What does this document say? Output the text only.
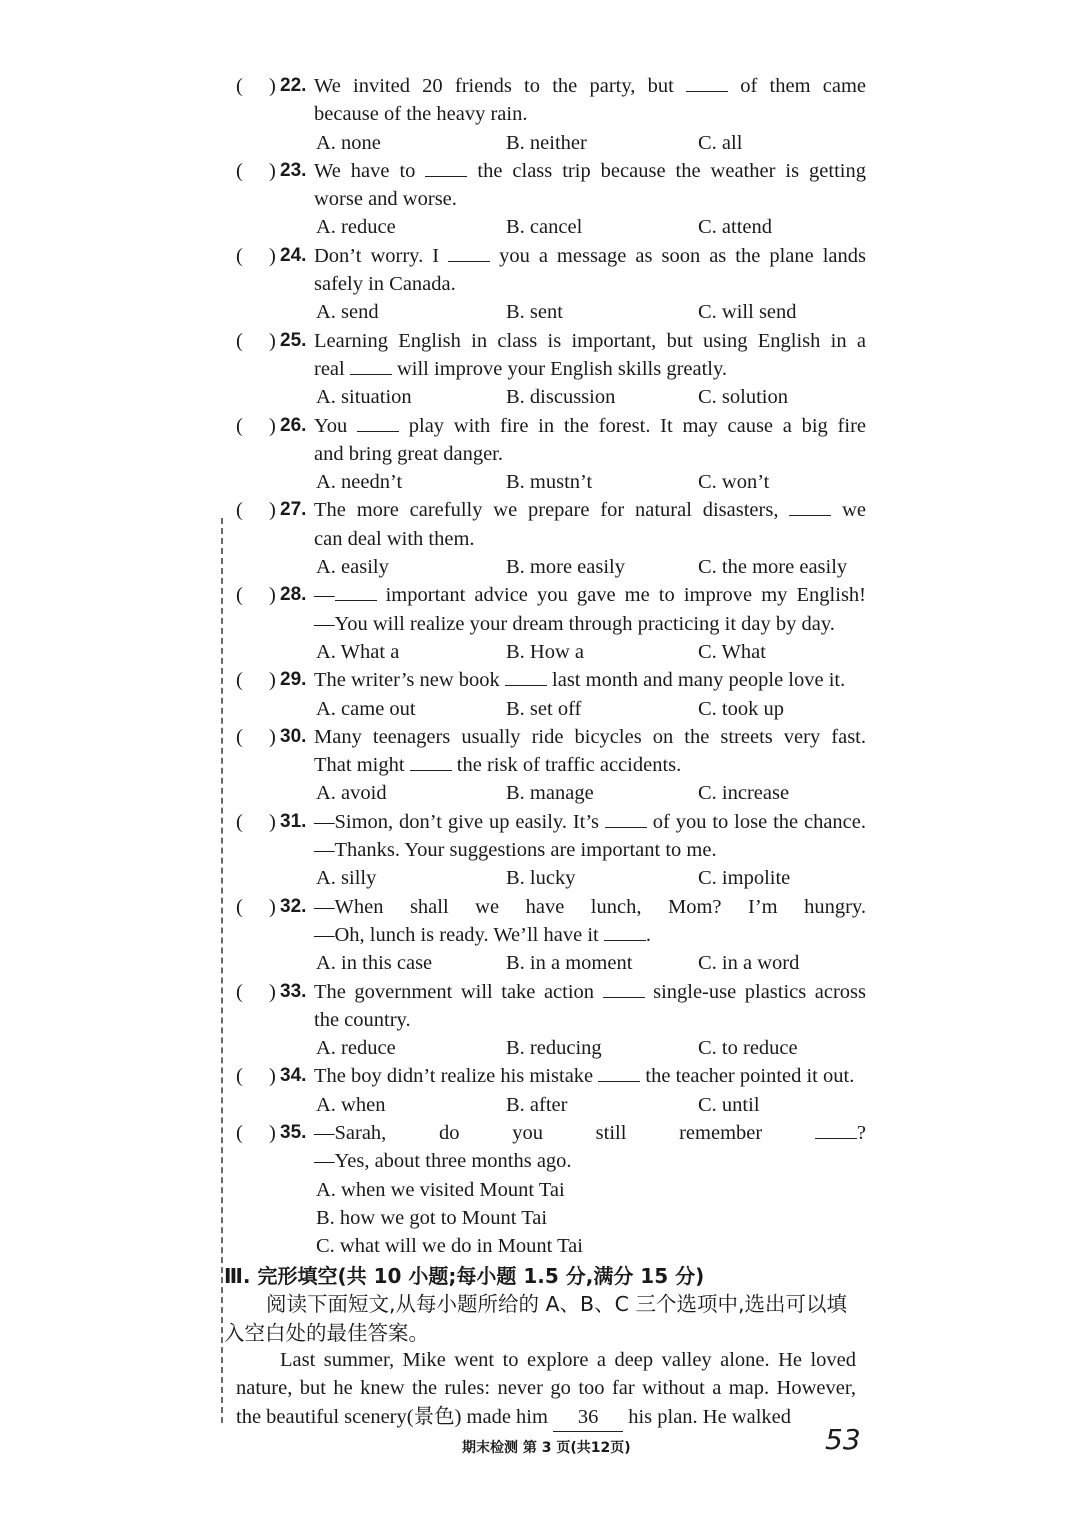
( ) 22. We invited 20 friends to the party, but  of them came
because of the heavy rain.
A. none	B. neither	C. all
( ) 23. We have to  the class trip because the weather is getting
worse and worse.
A. reduce	B. cancel	C. attend
( ) 24. Don’t worry. I  you a message as soon as the plane lands
safely in Canada.
A. send	B. sent	C. will send
( ) 25. Learning English in class is important, but using English in a
real  will improve your English skills greatly.
A. situation	B. discussion	C. solution
( ) 26. You  play with fire in the forest. It may cause a big fire
and bring great danger.
A. needn’t	B. mustn’t	C. won’t
( ) 27. The more carefully we prepare for natural disasters,  we
can deal with them.
A. easily	B. more easily	C. the more easily
( ) 28. — important advice you gave me to improve my English!
—You will realize your dream through practicing it day by day.
A. What a	B. How a	C. What
( ) 29. The writer’s new book  last month and many people love it.
A. came out	B. set off	C. took up
( ) 30. Many teenagers usually ride bicycles on the streets very fast.
That might  the risk of traffic accidents.
A. avoid	B. manage	C. increase
( ) 31. —Simon, don’t give up easily. It’s  of you to lose the chance.
—Thanks. Your suggestions are important to me.
A. silly	B. lucky	C. impolite
( ) 32. —When shall we have lunch, Mom? I’m hungry.
—Oh, lunch is ready. We’ll have it .
A. in this case	B. in a moment	C. in a word
( ) 33. The government will take action  single-use plastics across
the country.
A. reduce	B. reducing	C. to reduce
( ) 34. The boy didn’t realize his mistake  the teacher pointed it out.
A. when	B. after	C. until
( ) 35. —Sarah, do you still remember ?
—Yes, about three months ago.
A. when we visited Mount Tai
B. how we got to Mount Tai
C. what will we do in Mount Tai
Ⅲ. 完形填空(共 10 小题;每小题 1.5 分,满分 15 分)
阅读下面短文,从每小题所给的 A、B、C 三个选项中,选出可以填入空白处的最佳答案。
Last summer, Mike went to explore a deep valley alone. He loved nature, but he knew the rules: never go too far without a map. However, the beautiful scenery(景色) made him 36 his plan. He walked
期末检测 第 3 页(共12页)	53
